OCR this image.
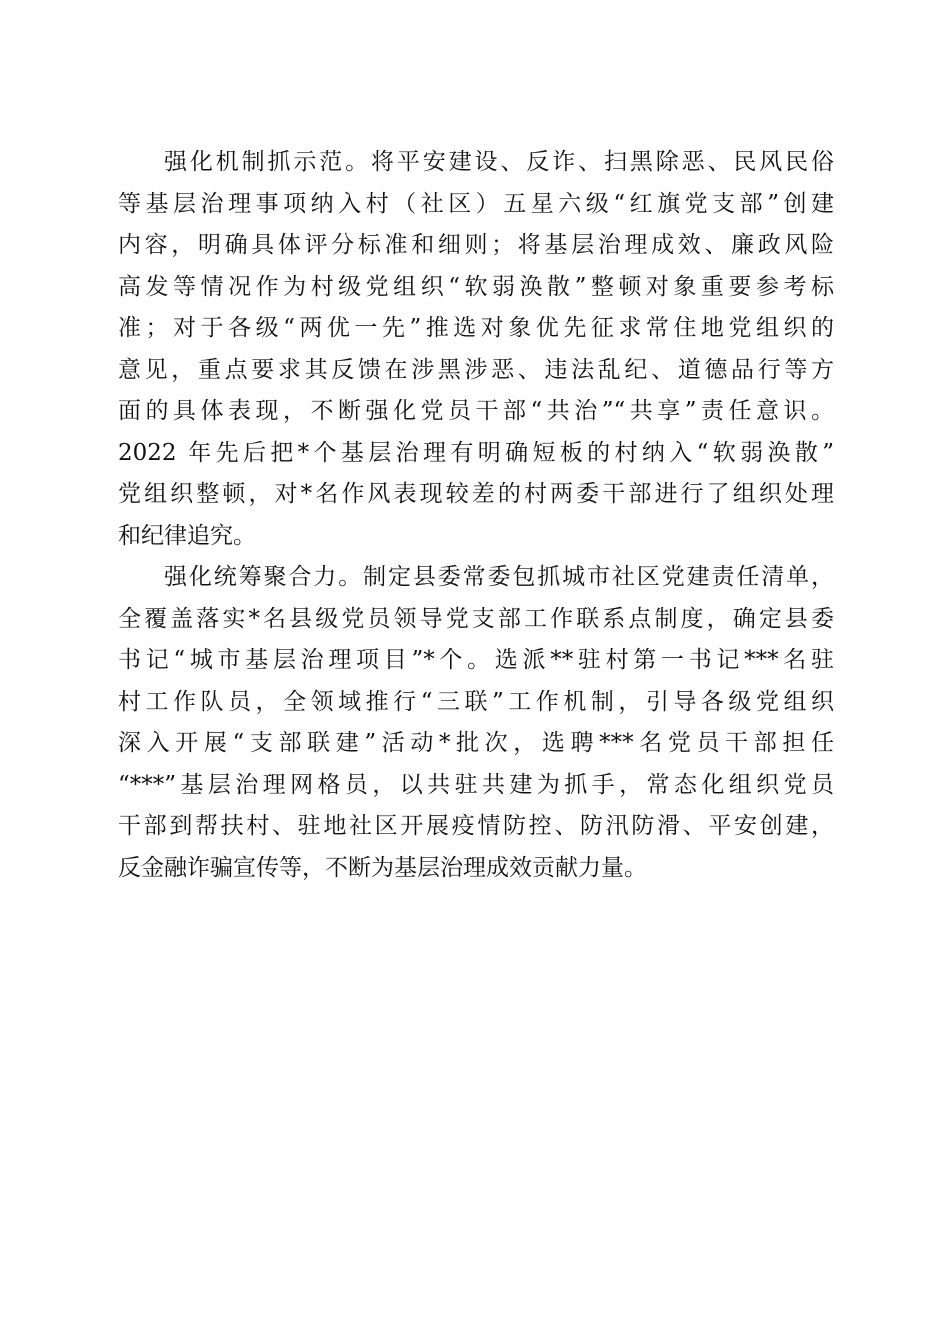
强化机制抓示范。将平安建设、反诈、扫黑除恶、民风民俗
等基层治理事项纳入村（社区）五星六级“红旗党支部”创建
内容，明确具体评分标准和细则；将基层治理成效、廉政风险
高发等情况作为村级党组织“软弱涣散”整顿对象重要参考标
准；对于各级“两优一先”推选对象优先征求常住地党组织的
意见，重点要求其反馈在涉黑涉恶、违法乱纪、道德品行等方
面的具体表现，不断强化党员干部“共治”“共享”责任意识。
2022 年先后把*个基层治理有明确短板的村纳入“软弱涣散”
党组织整顿，对*名作风表现较差的村两委干部进行了组织处理
和纪律追究。

强化统筹聚合力。制定县委常委包抓城市社区党建责任清单，
全覆盖落实*名县级党员领导党支部工作联系点制度，确定县委
书记“城市基层治理项目”*个。选派**驻村第一书记***名驻
村工作队员，全领域推行“三联”工作机制，引导各级党组织
深入开展“支部联建”活动*批次，选聘***名党员干部担任
“***”基层治理网格员，以共驻共建为抓手，常态化组织党员
干部到帮扶村、驻地社区开展疫情防控、防汛防滑、平安创建，
反金融诈骗宣传等，不断为基层治理成效贡献力量。
